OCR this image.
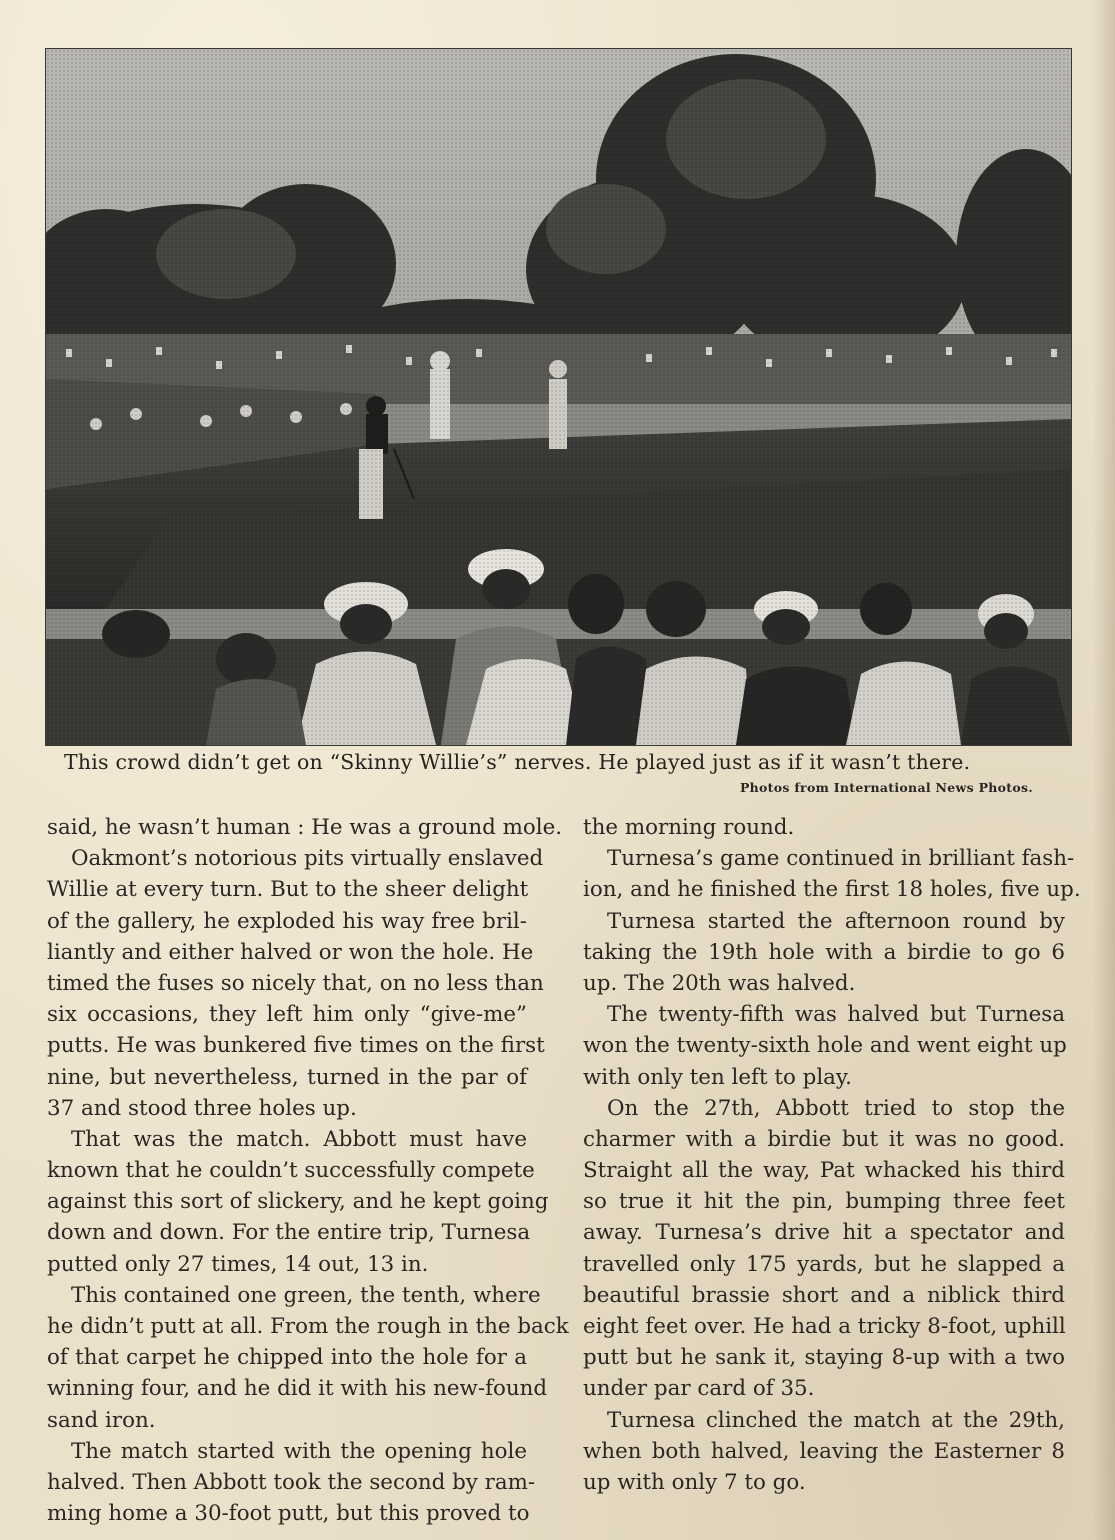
This crowd didn’t get on “Skinny Willie’s” nerves. He played just as if it wasn’t there.
Photos from International News Photos.
said, he wasn’t human : He was a ground mole.
Oakmont’s notorious pits virtually enslaved
Willie at every turn. But to the sheer delight
of the gallery, he exploded his way free bril-
liantly and either halved or won the hole. He
timed the fuses so nicely that, on no less than
six occasions, they left him only “give-me”
putts. He was bunkered five times on the first
nine, but nevertheless, turned in the par of
37 and stood three holes up.
That was the match. Abbott must have
known that he couldn’t successfully compete
against this sort of slickery, and he kept going
down and down. For the entire trip, Turnesa
putted only 27 times, 14 out, 13 in.
This contained one green, the tenth, where
he didn’t putt at all. From the rough in the back
of that carpet he chipped into the hole for a
winning four, and he did it with his new-found
sand iron.
The match started with the opening hole
halved. Then Abbott took the second by ram-
ming home a 30-foot putt, but this proved to
the morning round.
Turnesa’s game continued in brilliant fash-
ion, and he finished the first 18 holes, five up.
Turnesa started the afternoon round by
taking the 19th hole with a birdie to go 6
up. The 20th was halved.
The twenty-fifth was halved but Turnesa
won the twenty-sixth hole and went eight up
with only ten left to play.
On the 27th, Abbott tried to stop the
charmer with a birdie but it was no good.
Straight all the way, Pat whacked his third
so true it hit the pin, bumping three feet
away. Turnesa’s drive hit a spectator and
travelled only 175 yards, but he slapped a
beautiful brassie short and a niblick third
eight feet over. He had a tricky 8-foot, uphill
putt but he sank it, staying 8-up with a two
under par card of 35.
Turnesa clinched the match at the 29th,
when both halved, leaving the Easterner 8
up with only 7 to go.
